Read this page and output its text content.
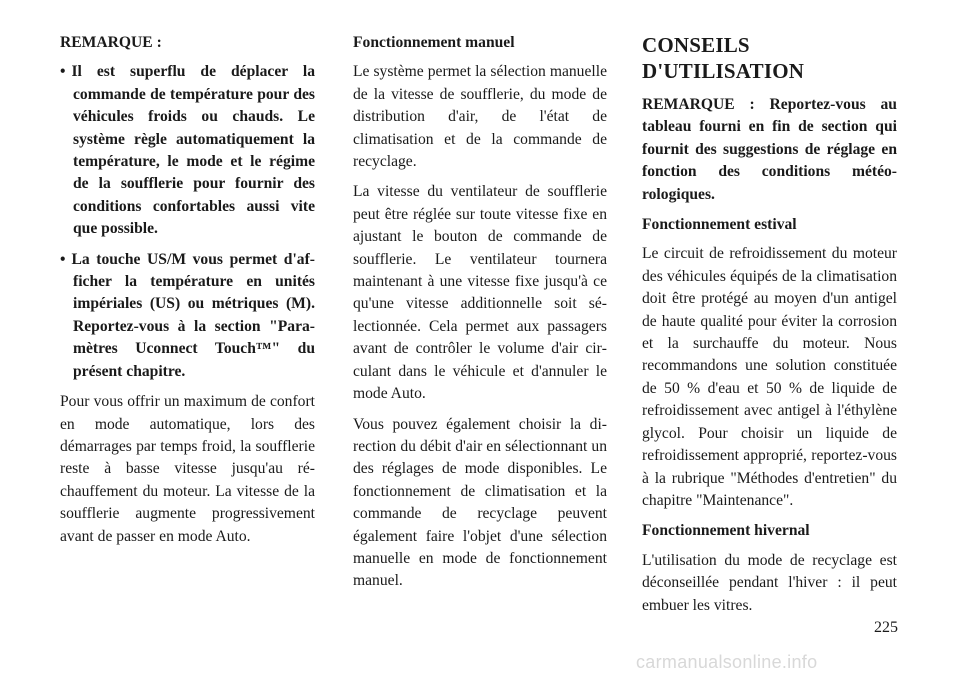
REMARQUE :

• Il est superflu de déplacer la commande de température pour des véhicules froids ou chauds. Le système règle automatiquement la température, le mode et le régime de la soufflerie pour fournir des conditions confortables aussi vite que possible.
• La touche US/M vous permet d'afficher la température en unités impériales (US) ou métriques (M). Reportez-vous à la section "Paramètres Uconnect Touch™" du présent chapitre.

Pour vous offrir un maximum de confort en mode automatique, lors des démarrages par temps froid, la soufflerie reste à basse vitesse jusqu'au réchauffement du moteur. La vitesse de la soufflerie augmente progressivement avant de passer en mode Auto.

Fonctionnement manuel

Le système permet la sélection manuelle de la vitesse de soufflerie, du mode de distribution d'air, de l'état de climatisation et de la commande de recyclage.

La vitesse du ventilateur de soufflerie peut être réglée sur toute vitesse fixe en ajustant le bouton de commande de soufflerie. Le ventilateur tournera maintenant à une vitesse fixe jusqu'à ce qu'une vitesse additionnelle soit sélectionnée. Cela permet aux passagers avant de contrôler le volume d'air circulant dans le véhicule et d'annuler le mode Auto.

Vous pouvez également choisir la direction du débit d'air en sélectionnant un des réglages de mode disponibles. Le fonctionnement de climatisation et la commande de recyclage peuvent également faire l'objet d'une sélection manuelle en mode de fonctionnement manuel.

CONSEILS D'UTILISATION

REMARQUE : Reportez-vous au tableau fourni en fin de section qui fournit des suggestions de réglage en fonction des conditions météorologiques.

Fonctionnement estival

Le circuit de refroidissement du moteur des véhicules équipés de la climatisation doit être protégé au moyen d'un antigel de haute qualité pour éviter la corrosion et la surchauffe du moteur. Nous recommandons une solution constituée de 50 % d'eau et 50 % de liquide de refroidissement avec antigel à l'éthylène glycol. Pour choisir un liquide de refroidissement approprié, reportez-vous à la rubrique "Méthodes d'entretien" du chapitre "Maintenance".

Fonctionnement hivernal

L'utilisation du mode de recyclage est déconseillée pendant l'hiver : il peut embuer les vitres.

225
carmanualsonline.info
